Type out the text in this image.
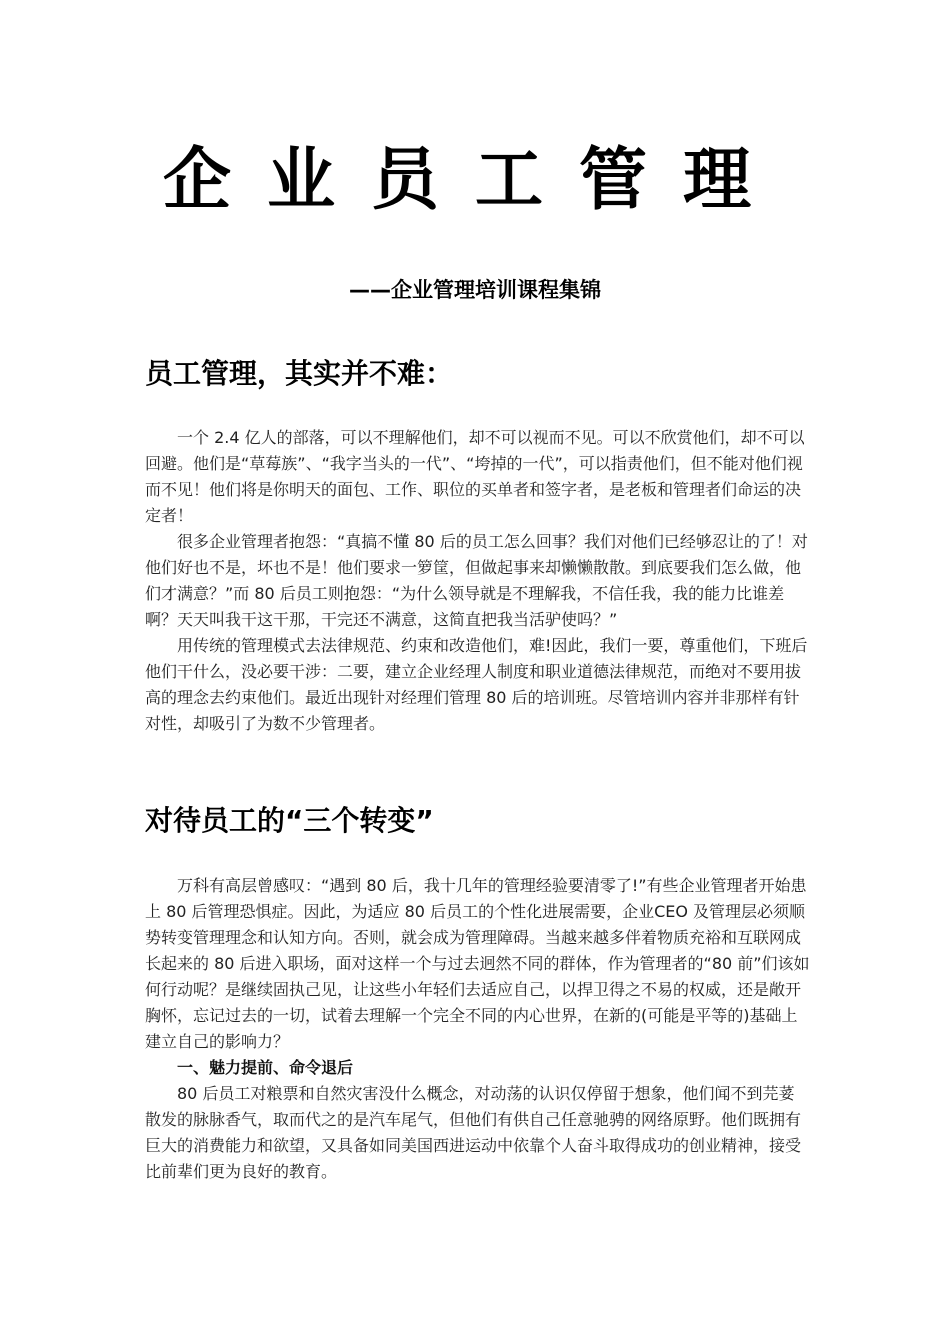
企业员工管理
——企业管理培训课程集锦
员工管理，其实并不难：

一个 2.4 亿人的部落，可以不理解他们，却不可以视而不见。可以不欣赏他们，却不可以回避。他们是“草莓族”、“我字当头的一代”、“垮掉的一代”，可以指责他们，但不能对他们视而不见！他们将是你明天的面包、工作、职位的买单者和签字者，是老板和管理者们命运的决定者！

很多企业管理者抱怨：“真搞不懂 80 后的员工怎么回事？我们对他们已经够忍让的了！对他们好也不是，坏也不是！他们要求一箩筐，但做起事来却懒懒散散。到底要我们怎么做，他们才满意？”而 80 后员工则抱怨：“为什么领导就是不理解我，不信任我，我的能力比谁差啊？天天叫我干这干那，干完还不满意，这简直把我当活驴使吗？”

用传统的管理模式去法律规范、约束和改造他们，难!因此，我们一要，尊重他们，下班后他们干什么，没必要干涉：二要，建立企业经理人制度和职业道德法律规范，而绝对不要用拔高的理念去约束他们。最近出现针对经理们管理 80 后的培训班。尽管培训内容并非那样有针对性，却吸引了为数不少管理者。

对待员工的“三个转变”

万科有高层曾感叹：“遇到 80 后，我十几年的管理经验要清零了!”有些企业管理者开始患上 80 后管理恐惧症。因此，为适应 80 后员工的个性化进展需要，企业CEO 及管理层必须顺势转变管理理念和认知方向。否则，就会成为管理障碍。当越来越多伴着物质充裕和互联网成长起来的 80 后进入职场，面对这样一个与过去迥然不同的群体，作为管理者的“80 前”们该如何行动呢？是继续固执己见，让这些小年轻们去适应自己，以捍卫得之不易的权威，还是敞开胸怀，忘记过去的一切，试着去理解一个完全不同的内心世界，在新的(可能是平等的)基础上建立自己的影响力？

一、魅力提前、命令退后

80 后员工对粮票和自然灾害没什么概念，对动荡的认识仅停留于想象，他们闻不到芫荽散发的脉脉香气，取而代之的是汽车尾气，但他们有供自己任意驰骋的网络原野。他们既拥有巨大的消费能力和欲望，又具备如同美国西进运动中依靠个人奋斗取得成功的创业精神，接受比前辈们更为良好的教育。
